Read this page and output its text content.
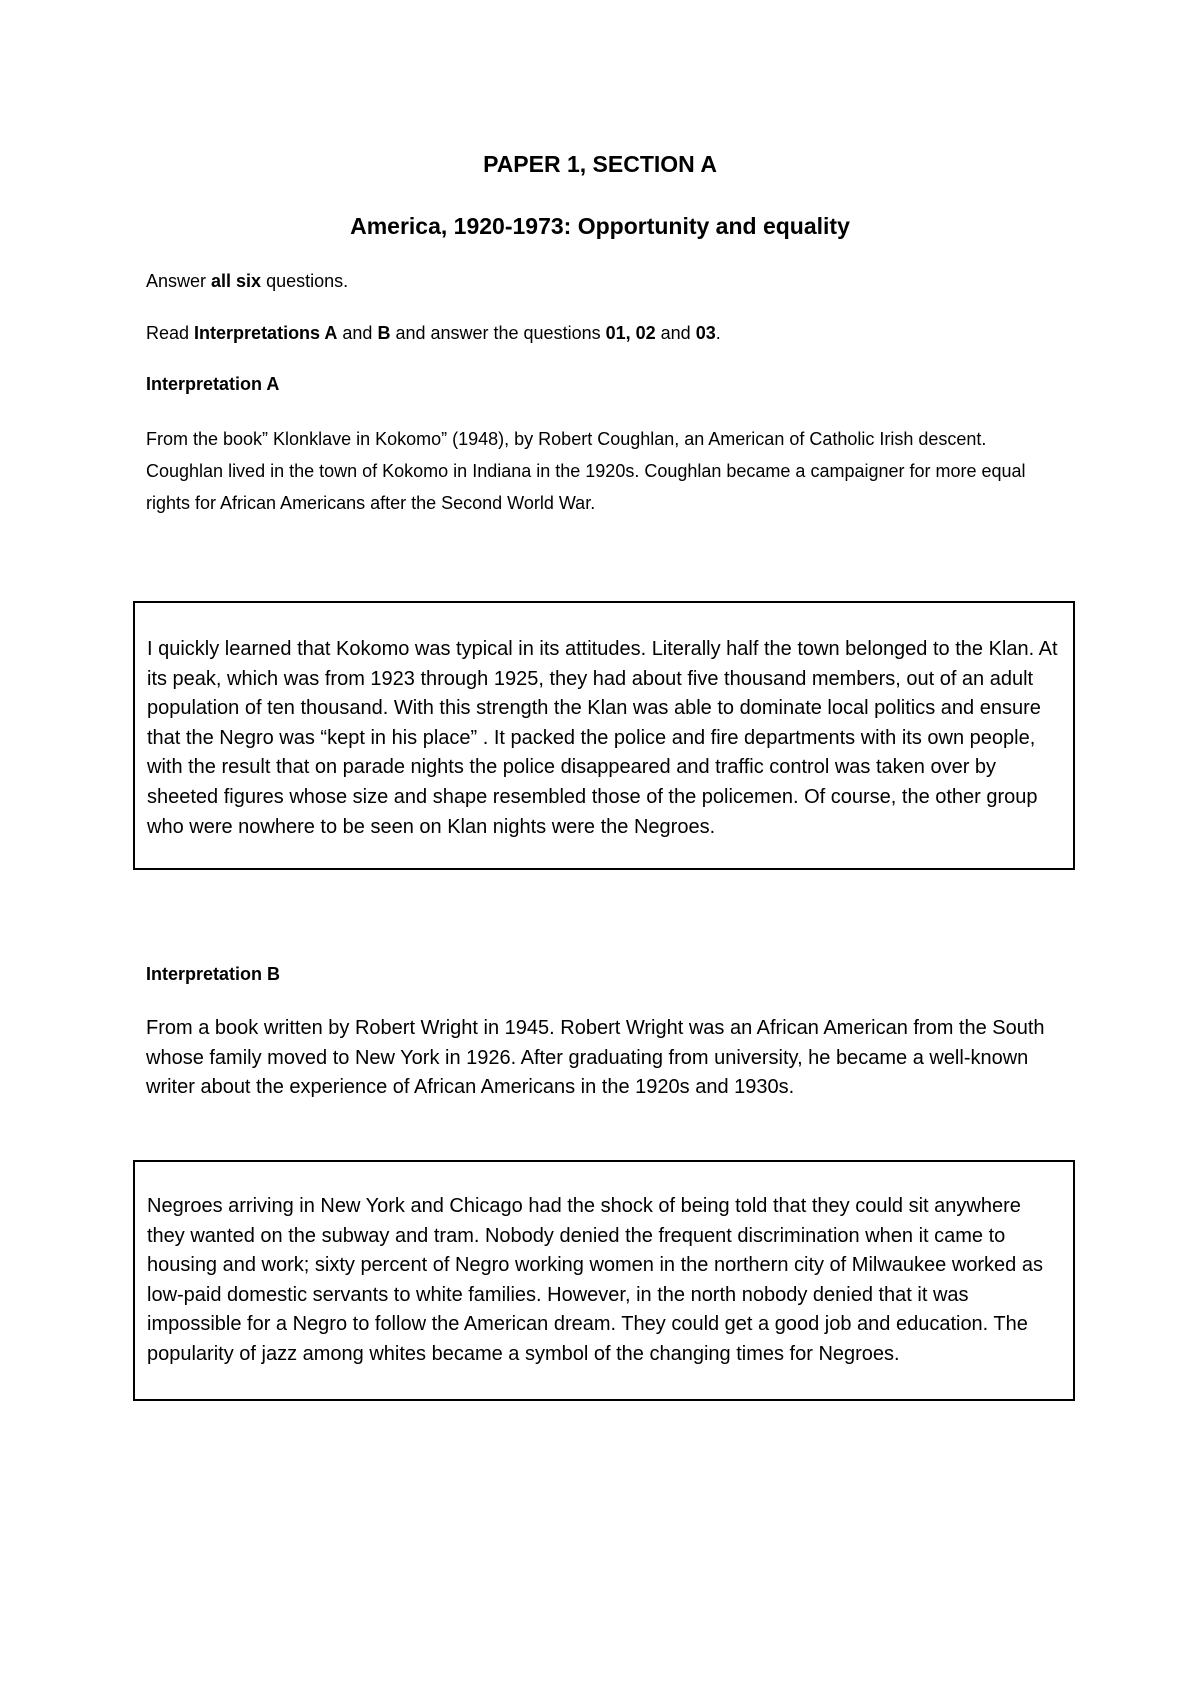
PAPER 1, SECTION A
America, 1920-1973: Opportunity and equality
Answer all six questions.
Read Interpretations A and B and answer the questions 01, 02 and 03.
Interpretation A
From the book” Klonklave in Kokomo” (1948), by Robert Coughlan, an American of Catholic Irish descent. Coughlan lived in the town of Kokomo in Indiana in the 1920s. Coughlan became a campaigner for more equal rights for African Americans after the Second World War.
I quickly learned that Kokomo was typical in its attitudes. Literally half the town belonged to the Klan. At its peak, which was from 1923 through 1925, they had about five thousand members, out of an adult population of ten thousand. With this strength the Klan was able to dominate local politics and ensure that the Negro was “kept in his place” . It packed the police and fire departments with its own people, with the result that on parade nights the police disappeared and traffic control was taken over by sheeted figures whose size and shape resembled those of the policemen. Of course, the other group who were nowhere to be seen on Klan nights were the Negroes.
Interpretation B
From a book written by Robert Wright in 1945. Robert Wright was an African American from the South whose family moved to New York in 1926. After graduating from university, he became a well-known writer about the experience of African Americans in the 1920s and 1930s.
Negroes arriving in New York and Chicago had the shock of being told that they could sit anywhere they wanted on the subway and tram. Nobody denied the frequent discrimination when it came to housing and work; sixty percent of Negro working women in the northern city of Milwaukee worked as low-paid domestic servants to white families. However, in the north nobody denied that it was impossible for a Negro to follow the American dream. They could get a good job and education. The popularity of jazz among whites became a symbol of the changing times for Negroes.
